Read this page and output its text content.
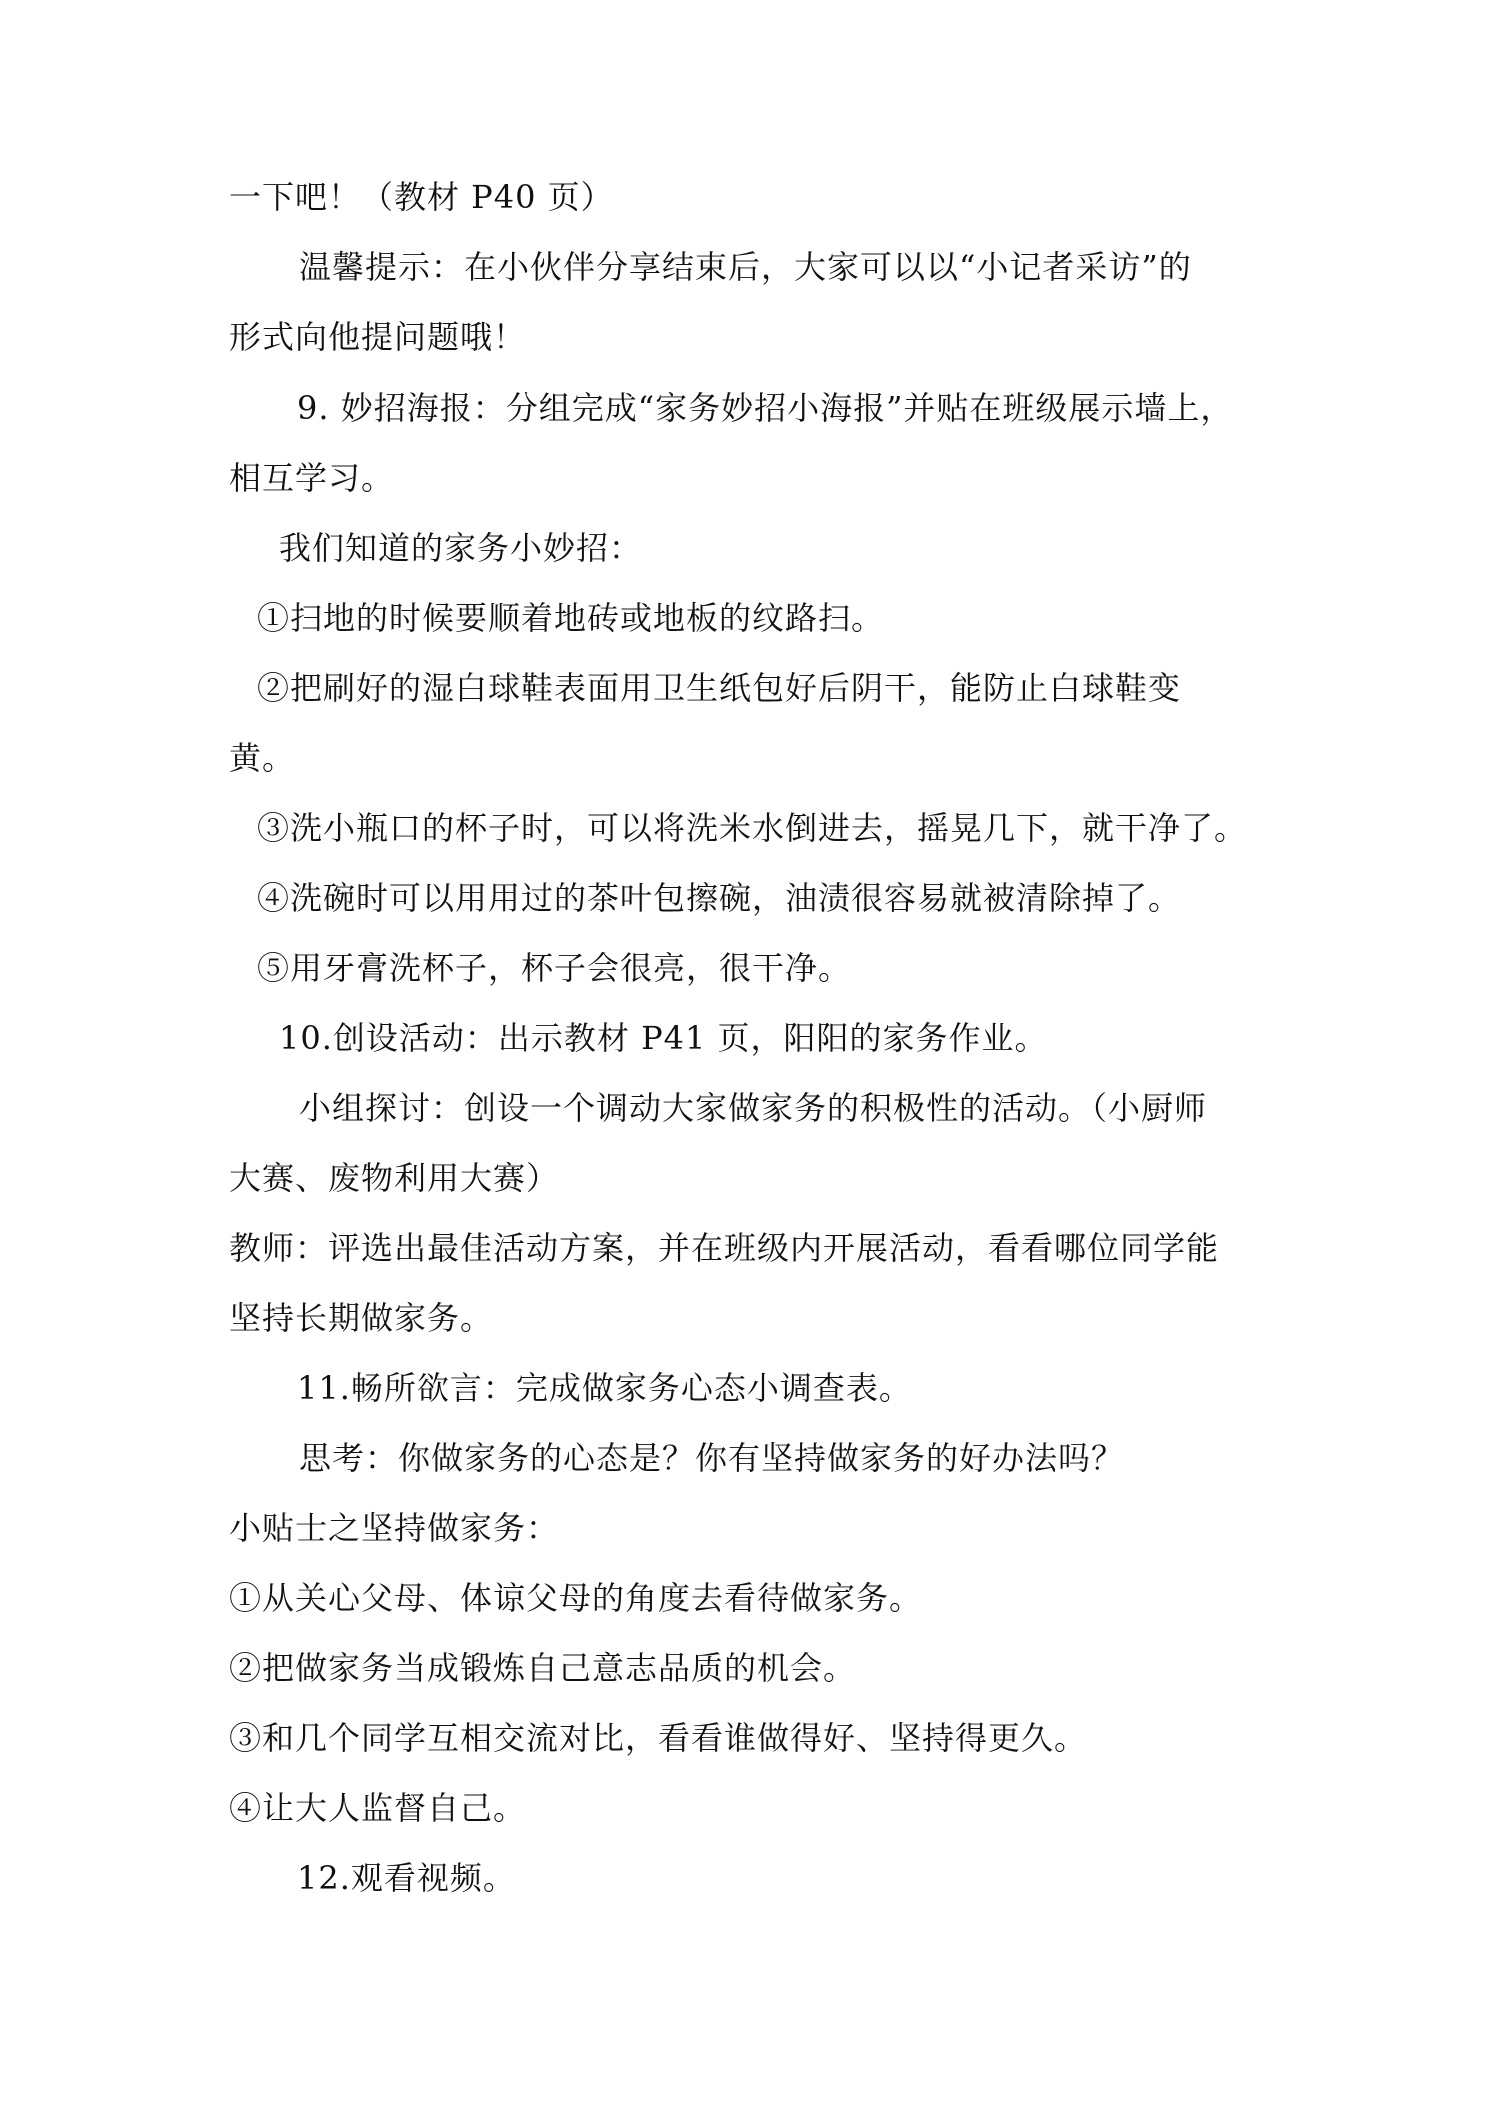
一下吧！（教材 P40 页）
温馨提示：在小伙伴分享结束后，大家可以以“小记者采访”的
形式向他提问题哦！
9. 妙招海报：分组完成“家务妙招小海报”并贴在班级展示墙上，
相互学习。
我们知道的家务小妙招：
①扫地的时候要顺着地砖或地板的纹路扫。
②把刷好的湿白球鞋表面用卫生纸包好后阴干，能防止白球鞋变
黄。
③洗小瓶口的杯子时，可以将洗米水倒进去，摇晃几下，就干净了。
④洗碗时可以用用过的茶叶包擦碗，油渍很容易就被清除掉了。
⑤用牙膏洗杯子，杯子会很亮，很干净。
10.创设活动：出示教材 P41 页，阳阳的家务作业。
小组探讨：创设一个调动大家做家务的积极性的活动。（小厨师
大赛、废物利用大赛）
教师：评选出最佳活动方案，并在班级内开展活动，看看哪位同学能
坚持长期做家务。
11.畅所欲言：完成做家务心态小调查表。
思考：你做家务的心态是？你有坚持做家务的好办法吗？
小贴士之坚持做家务：
①从关心父母、体谅父母的角度去看待做家务。
②把做家务当成锻炼自己意志品质的机会。
③和几个同学互相交流对比，看看谁做得好、坚持得更久。
④让大人监督自己。
12.观看视频。
